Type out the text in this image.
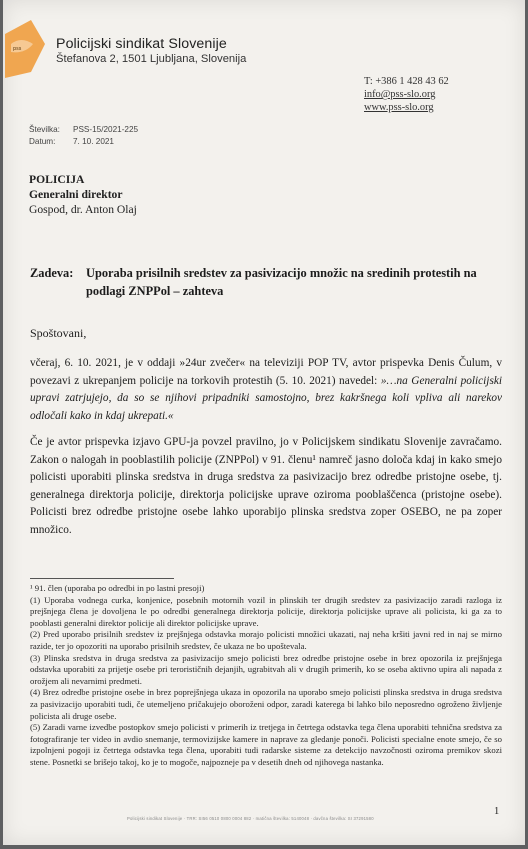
pss Policijski sindikat Slovenije
Štefanova 2, 1501 Ljubljana, Slovenija
T: +386 1 428 43 62
info@pss-slo.org
www.pss-slo.org
Številka: PSS-15/2021-225
Datum: 7. 10. 2021
POLICIJA
Generalni direktor
Gospod, dr. Anton Olaj
Zadeva:	Uporaba prisilnih sredstev za pasivizacijo množic na sredinih protestih na podlagi ZNPPol – zahteva
Spoštovani,
včeraj, 6. 10. 2021, je v oddaji »24ur zvečer« na televiziji POP TV, avtor prispevka Denis Čulum, v povezavi z ukrepanjem policije na torkovih protestih (5. 10. 2021) navedel: »…na Generalni policijski upravi zatrjujejo, da so se njihovi pripadniki samostojno, brez kakršnega koli vpliva ali narekov odločali kako in kdaj ukrepati.«
Če je avtor prispevka izjavo GPU-ja povzel pravilno, jo v Policijskem sindikatu Slovenije zavračamo. Zakon o nalogah in pooblastilih policije (ZNPPol) v 91. členu¹ namreč jasno določa kdaj in kako smejo policisti uporabiti plinska sredstva in druga sredstva za pasivizacijo brez odredbe pristojne osebe, tj. generalnega direktorja policije, direktorja policijske uprave oziroma pooblaščenca (pristojne osebe). Policisti brez odredbe pristojne osebe lahko uporabijo plinska sredstva zoper OSEBO, ne pa zoper množico.

¹ 91. člen (uporaba po odredbi in po lastni presoji)

(1) Uporaba vodnega curka, konjenice, posebnih motornih vozil in plinskih ter drugih sredstev za pasivizacijo zaradi razloga iz prejšnjega člena je dovoljena le po odredbi generalnega direktorja policije, direktorja policijske uprave ali policista, ki ga za to pooblasti generalni direktor policije ali direktor policijske uprave.

(2) Pred uporabo prisilnih sredstev iz prejšnjega odstavka morajo policisti množici ukazati, naj neha kršiti javni red in naj se mirno razide, ter jo opozoriti na uporabo prisilnih sredstev, če ukaza ne bo upoštevala.

(3) Plinska sredstva in druga sredstva za pasivizacijo smejo policisti brez odredbe pristojne osebe in brez opozorila iz prejšnjega odstavka uporabiti za prijetje osebe pri terorističnih dejanjih, ugrabitvah ali v drugih primerih, ko se oseba aktivno upira ali napada z orožjem ali nevarnimi predmeti.

(4) Brez odredbe pristojne osebe in brez poprejšnjega ukaza in opozorila na uporabo smejo policisti plinska sredstva in druga sredstva za pasivizacijo uporabiti tudi, če utemeljeno pričakujejo oboroženi odpor, zaradi katerega bi lahko bilo neposredno ogroženo življenje policista ali druge osebe.

(5) Zaradi varne izvedbe postopkov smejo policisti v primerih iz tretjega in četrtega odstavka tega člena uporabiti tehnična sredstva za fotografiranje ter video in avdio snemanje, termovizijske kamere in naprave za gledanje ponoči. Policisti specialne enote smejo, če so izpolnjeni pogoji iz četrtega odstavka tega člena, uporabiti tudi radarske sisteme za detekcijo navzočnosti oziroma premikov skozi stene. Posnetki se brišejo takoj, ko je to mogoče, najpozneje pa v desetih dneh od njihovega nastanka.

1
Policijski sindikat Slovenije · TRR: SI56 0510 0800 0004 882 · matična številka: 5140048 · davčna številka: SI 37291580
